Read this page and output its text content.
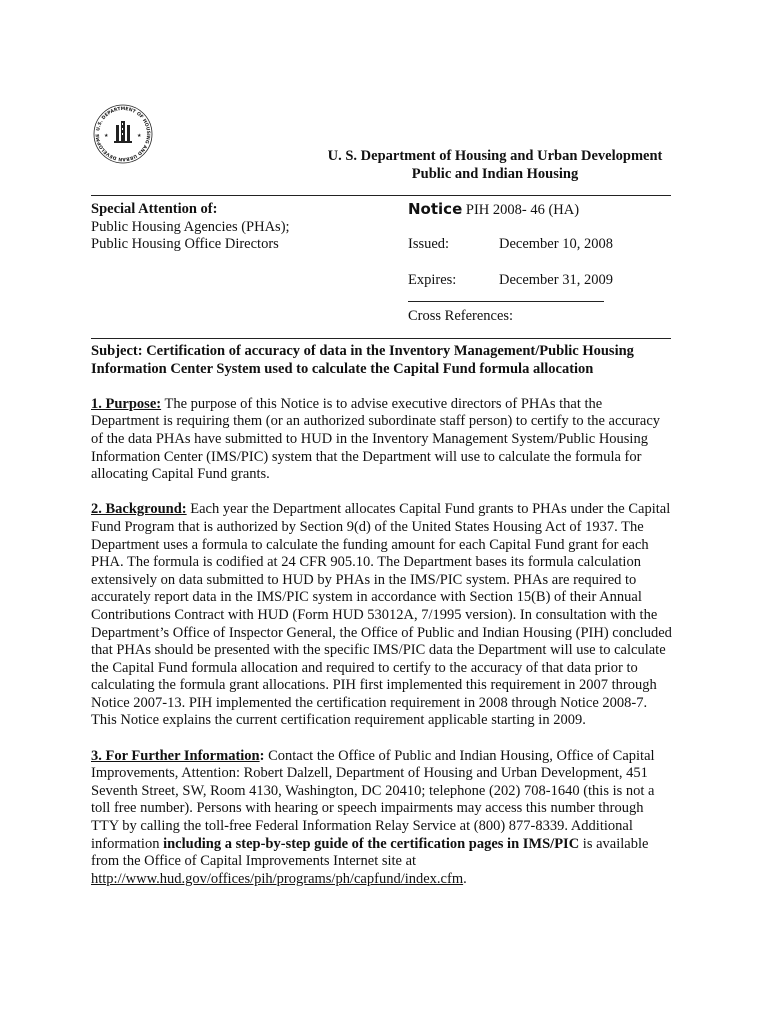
U.S. DEPARTMENT OF HOUSING AND URBAN DEVELOPME ★	★
U. S. Department of Housing and Urban Development
Public and Indian Housing
Special Attention of:
Public Housing Agencies (PHAs);
Public Housing Office Directors
Notice PIH 2008- 46 (HA)
Issued:	December 10, 2008
Expires:	December 31, 2009
Cross References:

Subject: Certification of accuracy of data in the Inventory Management/Public Housing Information Center System used to calculate the Capital Fund formula allocation

1. Purpose: The purpose of this Notice is to advise executive directors of PHAs that the Department is requiring them (or an authorized subordinate staff person) to certify to the accuracy of the data PHAs have submitted to HUD in the Inventory Management System/Public Housing Information Center (IMS/PIC) system that the Department will use to calculate the formula for allocating Capital Fund grants.

2. Background: Each year the Department allocates Capital Fund grants to PHAs under the Capital Fund Program that is authorized by Section 9(d) of the United States Housing Act of 1937. The Department uses a formula to calculate the funding amount for each Capital Fund grant for each PHA. The formula is codified at 24 CFR 905.10. The Department bases its formula calculation extensively on data submitted to HUD by PHAs in the IMS/PIC system. PHAs are required to accurately report data in the IMS/PIC system in accordance with Section 15(B) of their Annual Contributions Contract with HUD (Form HUD 53012A, 7/1995 version). In consultation with the Department’s Office of Inspector General, the Office of Public and Indian Housing (PIH) concluded that PHAs should be presented with the specific IMS/PIC data the Department will use to calculate the Capital Fund formula allocation and required to certify to the accuracy of that data prior to calculating the formula grant allocations. PIH first implemented this requirement in 2007 through Notice 2007-13. PIH implemented the certification requirement in 2008 through Notice 2008-7. This Notice explains the current certification requirement applicable starting in 2009.

3. For Further Information: Contact the Office of Public and Indian Housing, Office of Capital Improvements, Attention: Robert Dalzell, Department of Housing and Urban Development, 451 Seventh Street, SW, Room 4130, Washington, DC 20410; telephone (202) 708-1640 (this is not a toll free number). Persons with hearing or speech impairments may access this number through TTY by calling the toll-free Federal Information Relay Service at (800) 877-8339. Additional information including a step-by-step guide of the certification pages in IMS/PIC is available from the Office of Capital Improvements Internet site at http://www.hud.gov/offices/pih/programs/ph/capfund/index.cfm.
